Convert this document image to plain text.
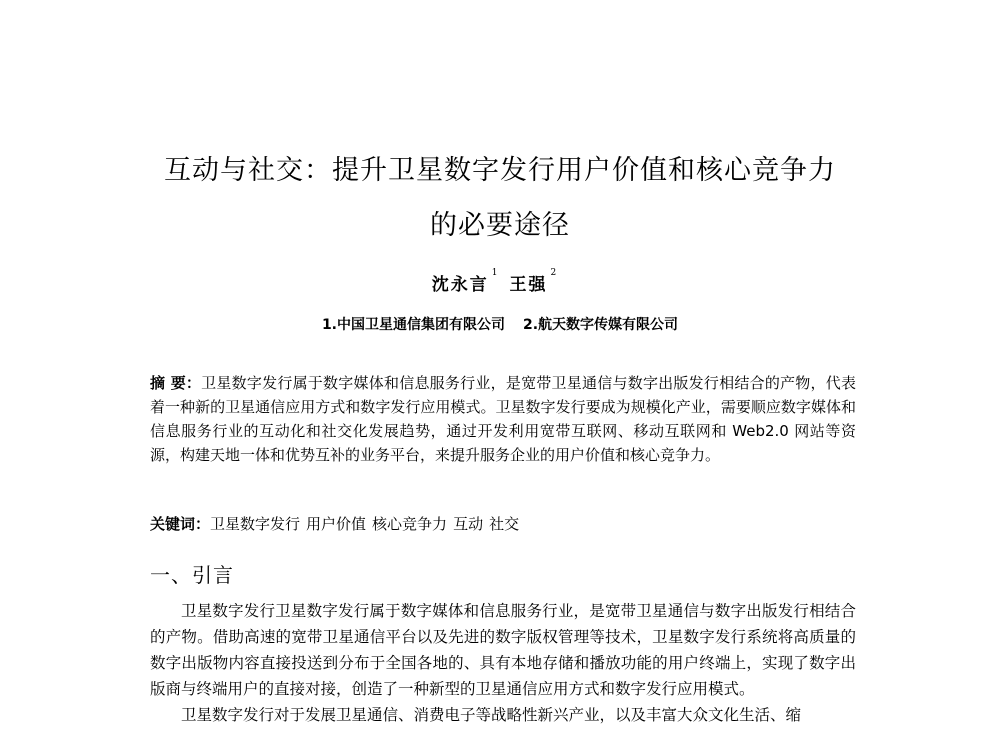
互动与社交：提升卫星数字发行用户价值和核心竞争力
的必要途径
沈永言$^1$王强$^2$
1.中国卫星通信集团有限公司 2.航天数字传媒有限公司
摘 要：卫星数字发行属于数字媒体和信息服务行业，是宽带卫星通信与数字出版发行相结合的产物，代表着一种新的卫星通信应用方式和数字发行应用模式。卫星数字发行要成为规模化产业，需要顺应数字媒体和信息服务行业的互动化和社交化发展趋势，通过开发利用宽带互联网、移动互联网和 Web2.0 网站等资源，构建天地一体和优势互补的业务平台，来提升服务企业的用户价值和核心竞争力。
关键词：卫星数字发行 用户价值 核心竞争力 互动 社交
一、引言

卫星数字发行卫星数字发行属于数字媒体和信息服务行业，是宽带卫星通信与数字出版发行相结合的产物。借助高速的宽带卫星通信平台以及先进的数字版权管理等技术，卫星数字发行系统将高质量的数字出版物内容直接投送到分布于全国各地的、具有本地存储和播放功能的用户终端上，实现了数字出版商与终端用户的直接对接，创造了一种新型的卫星通信应用方式和数字发行应用模式。

卫星数字发行对于发展卫星通信、消费电子等战略性新兴产业，以及丰富大众文化生活、缩
